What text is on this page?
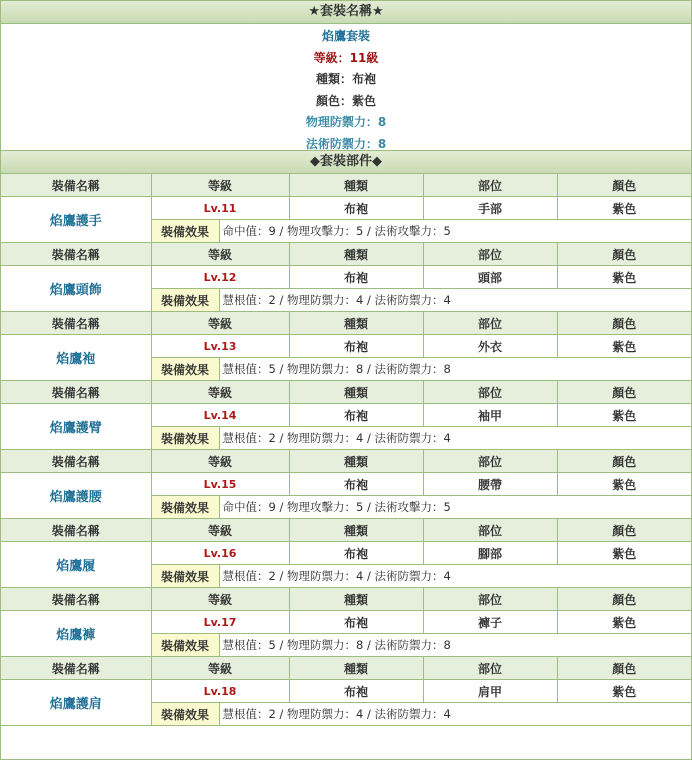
★套裝名稱★
焰鷹套裝
等級：11級
種類：布袍
顏色：紫色
物理防禦力：8
法術防禦力：8
◆套裝部件◆
裝備名稱	等級		種類	部位	顏色
焰鷹護手	Lv.11		布袍	手部	紫色
	裝備效果	命中值：9 / 物理攻擊力：5 / 法術攻擊力：5			
裝備名稱	等級		種類	部位	顏色
焰鷹頭飾	Lv.12		布袍	頭部	紫色
	裝備效果	慧根值：2 / 物理防禦力：4 / 法術防禦力：4			
裝備名稱	等級		種類	部位	顏色
焰鷹袍	Lv.13		布袍	外衣	紫色
	裝備效果	慧根值：5 / 物理防禦力：8 / 法術防禦力：8			
裝備名稱	等級		種類	部位	顏色
焰鷹護臂	Lv.14		布袍	袖甲	紫色
	裝備效果	慧根值：2 / 物理防禦力：4 / 法術防禦力：4			
裝備名稱	等級		種類	部位	顏色
焰鷹護腰	Lv.15		布袍	腰帶	紫色
	裝備效果	命中值：9 / 物理攻擊力：5 / 法術攻擊力：5			
裝備名稱	等級		種類	部位	顏色
焰鷹履	Lv.16		布袍	腳部	紫色
	裝備效果	慧根值：2 / 物理防禦力：4 / 法術防禦力：4			
裝備名稱	等級		種類	部位	顏色
焰鷹褲	Lv.17		布袍	褲子	紫色
	裝備效果	慧根值：5 / 物理防禦力：8 / 法術防禦力：8			
裝備名稱	等級		種類	部位	顏色
焰鷹護肩	Lv.18		布袍	肩甲	紫色
	裝備效果	慧根值：2 / 物理防禦力：4 / 法術防禦力：4			
